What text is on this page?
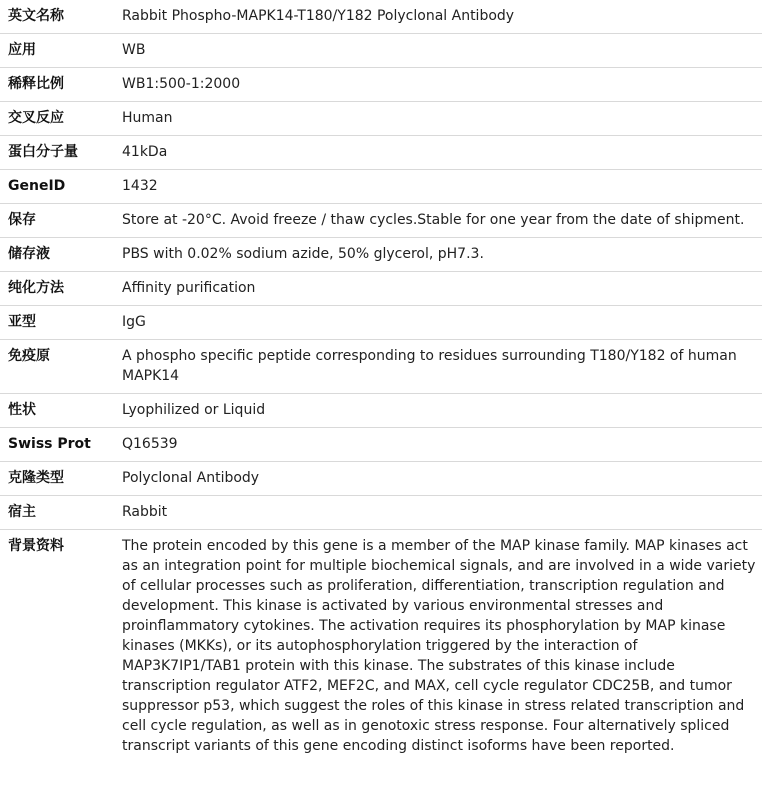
英文名称	Rabbit Phospho-MAPK14-T180/Y182 Polyclonal Antibody
应用	WB
稀释比例	WB1:500-1:2000
交叉反应	Human
蛋白分子量	41kDa
GeneID	1432
保存	Store at -20°C. Avoid freeze / thaw cycles.Stable for one year from the date of shipment.
储存液	PBS with 0.02% sodium azide, 50% glycerol, pH7.3.
纯化方法	Affinity purification
亚型	IgG
免疫原	A phospho specific peptide corresponding to residues surrounding T180/Y182 of human MAPK14
性状	Lyophilized or Liquid
Swiss Prot	Q16539
克隆类型	Polyclonal Antibody
宿主	Rabbit
背景资料	The protein encoded by this gene is a member of the MAP kinase family. MAP kinases act as an integration point for multiple biochemical signals, and are involved in a wide variety of cellular processes such as proliferation, differentiation, transcription regulation and development. This kinase is activated by various environmental stresses and proinflammatory cytokines. The activation requires its phosphorylation by MAP kinase kinases (MKKs), or its autophosphorylation triggered by the interaction of MAP3K7IP1/TAB1 protein with this kinase. The substrates of this kinase include transcription regulator ATF2, MEF2C, and MAX, cell cycle regulator CDC25B, and tumor suppressor p53, which suggest the roles of this kinase in stress related transcription and cell cycle regulation, as well as in genotoxic stress response. Four alternatively spliced transcript variants of this gene encoding distinct isoforms have been reported.
